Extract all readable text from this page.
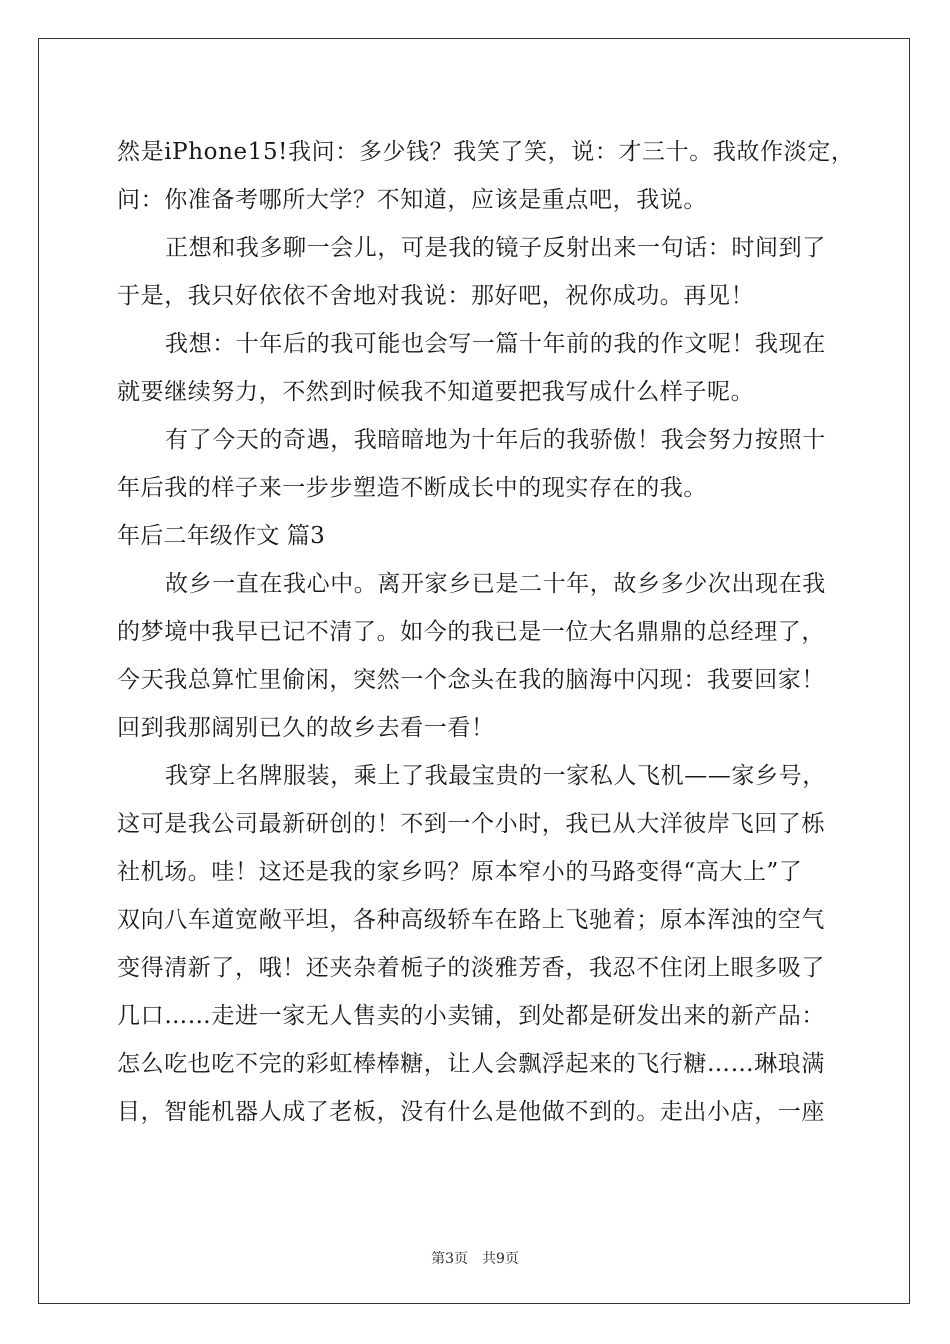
然是iPhone15!我问：多少钱？我笑了笑，说：才三十。我故作淡定，
问：你准备考哪所大学？不知道，应该是重点吧，我说。
正想和我多聊一会儿，可是我的镜子反射出来一句话：时间到了
于是，我只好依依不舍地对我说：那好吧，祝你成功。再见！
我想：十年后的我可能也会写一篇十年前的我的作文呢！我现在
就要继续努力，不然到时候我不知道要把我写成什么样子呢。
有了今天的奇遇，我暗暗地为十年后的我骄傲！我会努力按照十
年后我的样子来一步步塑造不断成长中的现实存在的我。
年后二年级作文 篇3
故乡一直在我心中。离开家乡已是二十年，故乡多少次出现在我
的梦境中我早已记不清了。如今的我已是一位大名鼎鼎的总经理了，
今天我总算忙里偷闲，突然一个念头在我的脑海中闪现：我要回家！
回到我那阔别已久的故乡去看一看！
我穿上名牌服装，乘上了我最宝贵的一家私人飞机——家乡号，
这可是我公司最新研创的！不到一个小时，我已从大洋彼岸飞回了栎
社机场。哇！这还是我的家乡吗？原本窄小的马路变得“高大上”了
双向八车道宽敞平坦，各种高级轿车在路上飞驰着；原本浑浊的空气
变得清新了，哦！还夹杂着栀子的淡雅芳香，我忍不住闭上眼多吸了
几口……走进一家无人售卖的小卖铺，到处都是研发出来的新产品：
怎么吃也吃不完的彩虹棒棒糖，让人会飘浮起来的飞行糖……琳琅满
目，智能机器人成了老板，没有什么是他做不到的。走出小店，一座
第3页 共9页
